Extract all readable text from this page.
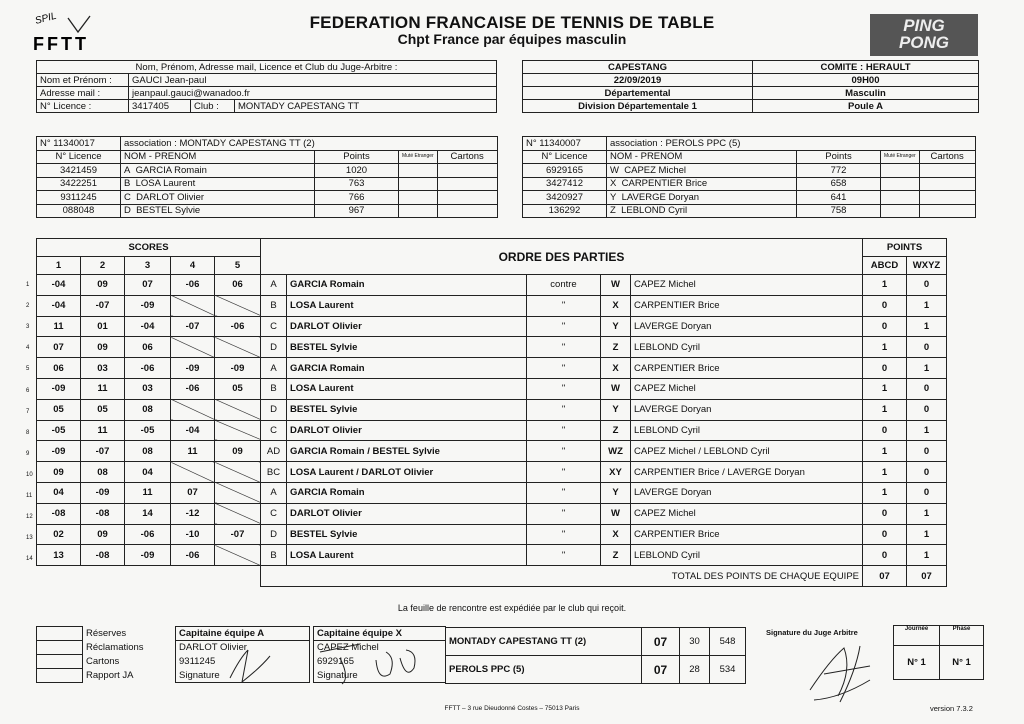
SPIL
FFTT
FEDERATION FRANCAISE DE TENNIS DE TABLE
Chpt France par équipes masculin
PING
PONG
Nom, Prénom, Adresse mail, Licence et Club du Juge-Arbitre :			
Nom et Prénom :	GAUCI Jean-paul		
Adresse mail :	jeanpaul.gauci@wanadoo.fr		
N° Licence :	3417405	Club :	MONTADY CAPESTANG TT
CAPESTANG	COMITE : HERAULT
22/09/2019	09H00
Départemental	Masculin
Division Départementale 1	Poule A
N° 11340017	association : MONTADY CAPESTANG TT (2)			
N° Licence	NOM - PRENOM	Points	Muté Etranger	Cartons
3421459	A GARCIA Romain	1020		
3422251	B LOSA Laurent	763		
9311245	C DARLOT Olivier	766		
088048	D BESTEL Sylvie	967		
N° 11340007	association : PEROLS PPC (5)			
N° Licence	NOM - PRENOM	Points	Muté Etranger	Cartons
6929165	W CAPEZ Michel	772		
3427412	X CARPENTIER Brice	658		
3420927	Y LAVERGE Doryan	641		
136292	Z LEBLOND Cyril	758		
SCORES					ORDRE DES PARTIES					POINTS	
1	2	3	4	5						ABCD	WXYZ
-04	09	07	-06	06	A	GARCIA Romain	contre	W	CAPEZ Michel	1	0
-04	-07	-09			B	LOSA Laurent	"	X	CARPENTIER Brice	0	1
11	01	-04	-07	-06	C	DARLOT Olivier	"	Y	LAVERGE Doryan	0	1
07	09	06			D	BESTEL Sylvie	"	Z	LEBLOND Cyril	1	0
06	03	-06	-09	-09	A	GARCIA Romain	"	X	CARPENTIER Brice	0	1
-09	11	03	-06	05	B	LOSA Laurent	"	W	CAPEZ Michel	1	0
05	05	08			D	BESTEL Sylvie	"	Y	LAVERGE Doryan	1	0
-05	11	-05	-04		C	DARLOT Olivier	"	Z	LEBLOND Cyril	0	1
-09	-07	08	11	09	AD	GARCIA Romain / BESTEL Sylvie	"	WZ	CAPEZ Michel / LEBLOND Cyril	1	0
09	08	04			BC	LOSA Laurent / DARLOT Olivier	"	XY	CARPENTIER Brice / LAVERGE Doryan	1	0
04	-09	11	07		A	GARCIA Romain	"	Y	LAVERGE Doryan	1	0
-08	-08	14	-12		C	DARLOT Olivier	"	W	CAPEZ Michel	0	1
02	09	-06	-10	-07	D	BESTEL Sylvie	"	X	CARPENTIER Brice	0	1
13	-08	-09	-06		B	LOSA Laurent	"	Z	LEBLOND Cyril	0	1
					TOTAL DES POINTS DE CHAQUE EQUIPE					07	07
La feuille de rencontre est expédiée par le club qui reçoit.
	Réserves
	Réclamations
	Cartons
	Rapport JA
Capitaine équipe A
DARLOT Olivier
9311245
Signature
Capitaine équipe X
CAPEZ Michel
6929165
Signature
MONTADY CAPESTANG TT (2)	07	30	548
PEROLS PPC (5)	07	28	534
Signature du Juge Arbitre	Journée	Phase
N° 1	N° 1
FFTT – 3 rue Dieudonné Costes – 75013 Paris	version 7.3.2
1
2
3
4
5
6
7
8
9
10
11
12
13
14
